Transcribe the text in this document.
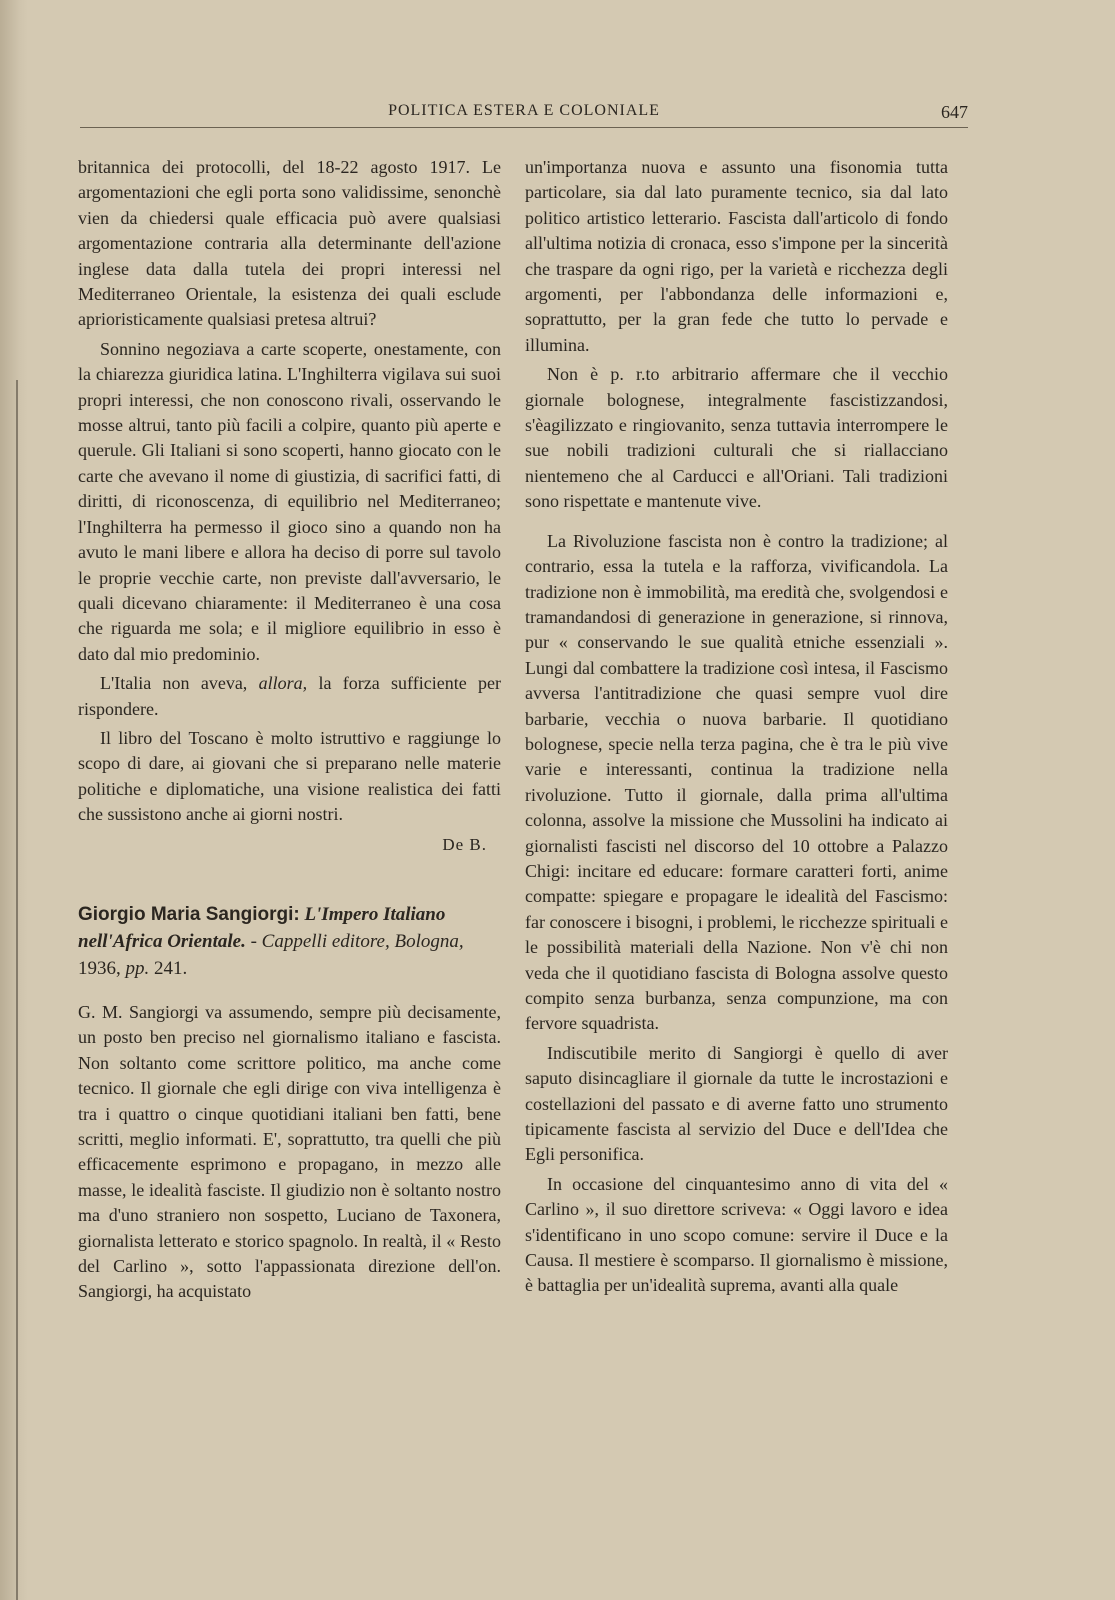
POLITICA ESTERA E COLONIALE	647

britannica dei protocolli, del 18-22 agosto 1917. Le argomentazioni che egli porta sono validissime, senonchè vien da chiedersi quale efficacia può avere qualsiasi argomentazione contraria alla determinante dell'azione inglese data dalla tutela dei propri interessi nel Mediterraneo Orientale, la esistenza dei quali esclude aprioristicamente qualsiasi pretesa altrui?

Sonnino negoziava a carte scoperte, onestamente, con la chiarezza giuridica latina. L'Inghilterra vigilava sui suoi propri interessi, che non conoscono rivali, osservando le mosse altrui, tanto più facili a colpire, quanto più aperte e querule. Gli Italiani si sono scoperti, hanno giocato con le carte che avevano il nome di giustizia, di sacrifici fatti, di diritti, di riconoscenza, di equilibrio nel Mediterraneo; l'Inghilterra ha permesso il gioco sino a quando non ha avuto le mani libere e allora ha deciso di porre sul tavolo le proprie vecchie carte, non previste dall'avversario, le quali dicevano chiaramente: il Mediterraneo è una cosa che riguarda me sola; e il migliore equilibrio in esso è dato dal mio predominio.

L'Italia non aveva, allora, la forza sufficiente per rispondere.

Il libro del Toscano è molto istruttivo e raggiunge lo scopo di dare, ai giovani che si preparano nelle materie politiche e diplomatiche, una visione realistica dei fatti che sussistono anche ai giorni nostri.

De B.
Giorgio Maria Sangiorgi: L'Impero Italiano nell'Africa Orientale. - Cappelli editore, Bologna, 1936, pp. 241.

G. M. Sangiorgi va assumendo, sempre più decisamente, un posto ben preciso nel giornalismo italiano e fascista. Non soltanto come scrittore politico, ma anche come tecnico. Il giornale che egli dirige con viva intelligenza è tra i quattro o cinque quotidiani italiani ben fatti, bene scritti, meglio informati. E', soprattutto, tra quelli che più efficacemente esprimono e propagano, in mezzo alle masse, le idealità fasciste. Il giudizio non è soltanto nostro ma d'uno straniero non sospetto, Luciano de Taxonera, giornalista letterato e storico spagnolo. In realtà, il « Resto del Carlino », sotto l'appassionata direzione dell'on. Sangiorgi, ha acquistato

un'importanza nuova e assunto una fisonomia tutta particolare, sia dal lato puramente tecnico, sia dal lato politico artistico letterario. Fascista dall'articolo di fondo all'ultima notizia di cronaca, esso s'impone per la sincerità che traspare da ogni rigo, per la varietà e ricchezza degli argomenti, per l'abbondanza delle informazioni e, soprattutto, per la gran fede che tutto lo pervade e illumina.

Non è p. r.to arbitrario affermare che il vecchio giornale bolognese, integralmente fascistizzandosi, s'èagilizzato e ringiovanito, senza tuttavia interrompere le sue nobili tradizioni culturali che si riallacciano nientemeno che al Carducci e all'Oriani. Tali tradizioni sono rispettate e mantenute vive.

La Rivoluzione fascista non è contro la tradizione; al contrario, essa la tutela e la rafforza, vivificandola. La tradizione non è immobilità, ma eredità che, svolgendosi e tramandandosi di generazione in generazione, si rinnova, pur « conservando le sue qualità etniche essenziali ». Lungi dal combattere la tradizione così intesa, il Fascismo avversa l'antitradizione che quasi sempre vuol dire barbarie, vecchia o nuova barbarie. Il quotidiano bolognese, specie nella terza pagina, che è tra le più vive varie e interessanti, continua la tradizione nella rivoluzione. Tutto il giornale, dalla prima all'ultima colonna, assolve la missione che Mussolini ha indicato ai giornalisti fascisti nel discorso del 10 ottobre a Palazzo Chigi: incitare ed educare: formare caratteri forti, anime compatte: spiegare e propagare le idealità del Fascismo: far conoscere i bisogni, i problemi, le ricchezze spirituali e le possibilità materiali della Nazione. Non v'è chi non veda che il quotidiano fascista di Bologna assolve questo compito senza burbanza, senza compunzione, ma con fervore squadrista.

Indiscutibile merito di Sangiorgi è quello di aver saputo disincagliare il giornale da tutte le incrostazioni e costellazioni del passato e di averne fatto uno strumento tipicamente fascista al servizio del Duce e dell'Idea che Egli personifica.

In occasione del cinquantesimo anno di vita del « Carlino », il suo direttore scriveva: « Oggi lavoro e idea s'identificano in uno scopo comune: servire il Duce e la Causa. Il mestiere è scomparso. Il giornalismo è missione, è battaglia per un'idealità suprema, avanti alla quale
